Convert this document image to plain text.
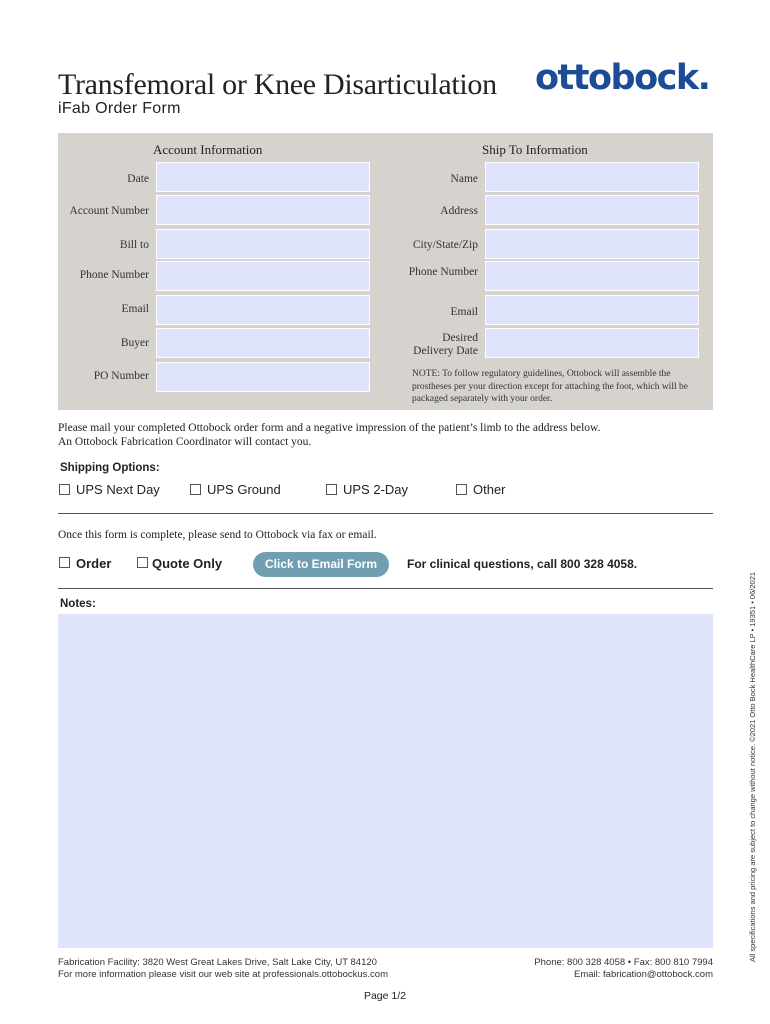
Transfemoral or Knee Disarticulation
iFab Order Form
ottobock.
Account Information	Ship To Information
Date
Account Number
Bill to
Phone Number
Email
Buyer
PO Number
Name
Address
City/State/Zip
Phone Number
Email
Desired
Delivery Date
NOTE: To follow regulatory guidelines, Ottobock will assemble the prostheses per your direction except for attaching the foot, which will be packaged separately with your order.
Please mail your completed Ottobock order form and a negative impression of the patient’s limb to the address below.
An Ottobock Fabrication Coordinator will contact you.
Shipping Options:
UPS Next Day	UPS Ground	UPS 2-Day	Other
Once this form is complete, please send to Ottobock via fax or email.
Order	Quote Only	Click to Email Form	For clinical questions, call 800 328 4058.
Notes:
Fabrication Facility: 3820 West Great Lakes Drive, Salt Lake City, UT 84120
For more information please visit our web site at professionals.ottobockus.com
Phone: 800 328 4058 • Fax: 800 810 7994
Email: fabrication@ottobock.com
Page 1/2
All specifications and pricing are subject to change without notice. ©2021 Otto Bock HealthCare LP • 19351 • 06/2021
